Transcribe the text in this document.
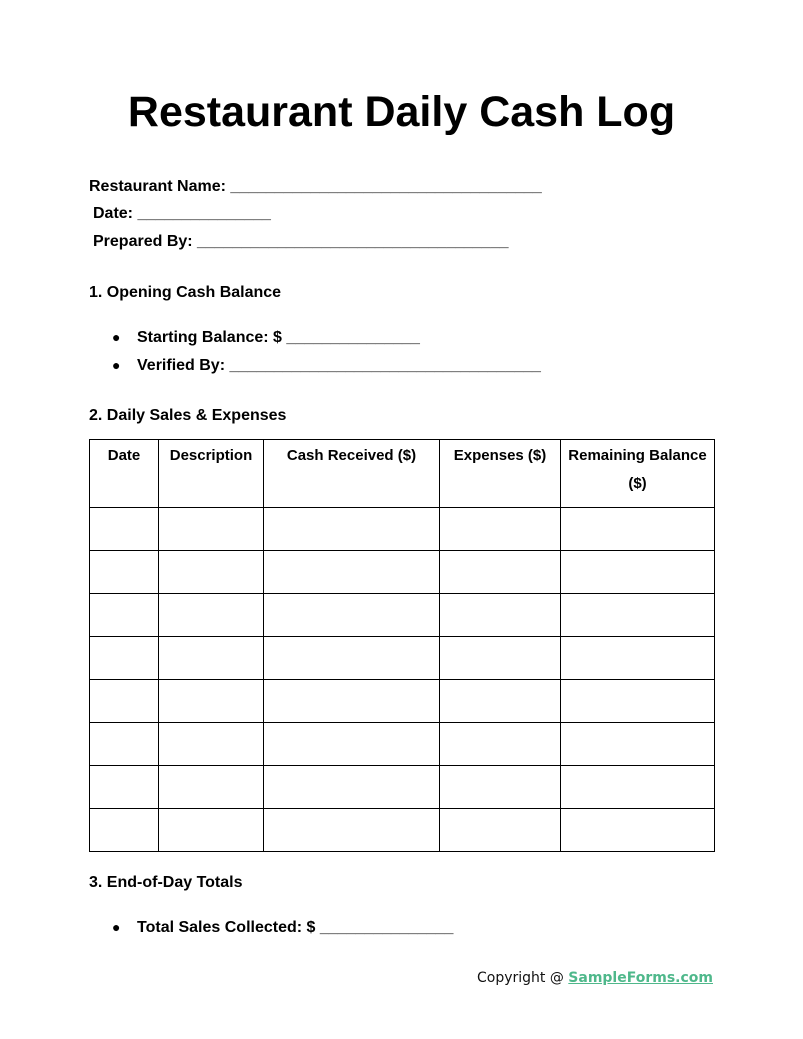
Restaurant Daily Cash Log
Restaurant Name: ___________________________________
Date: _______________
Prepared By: ___________________________________
1. Opening Cash Balance
● Starting Balance: $ _______________
● Verified By: ___________________________________
2. Daily Sales & Expenses
Date	Description	Cash Received ($)	Expenses ($)	Remaining Balance ($)

3. End-of-Day Totals
● Total Sales Collected: $ _______________
Copyright @ SampleForms.com
